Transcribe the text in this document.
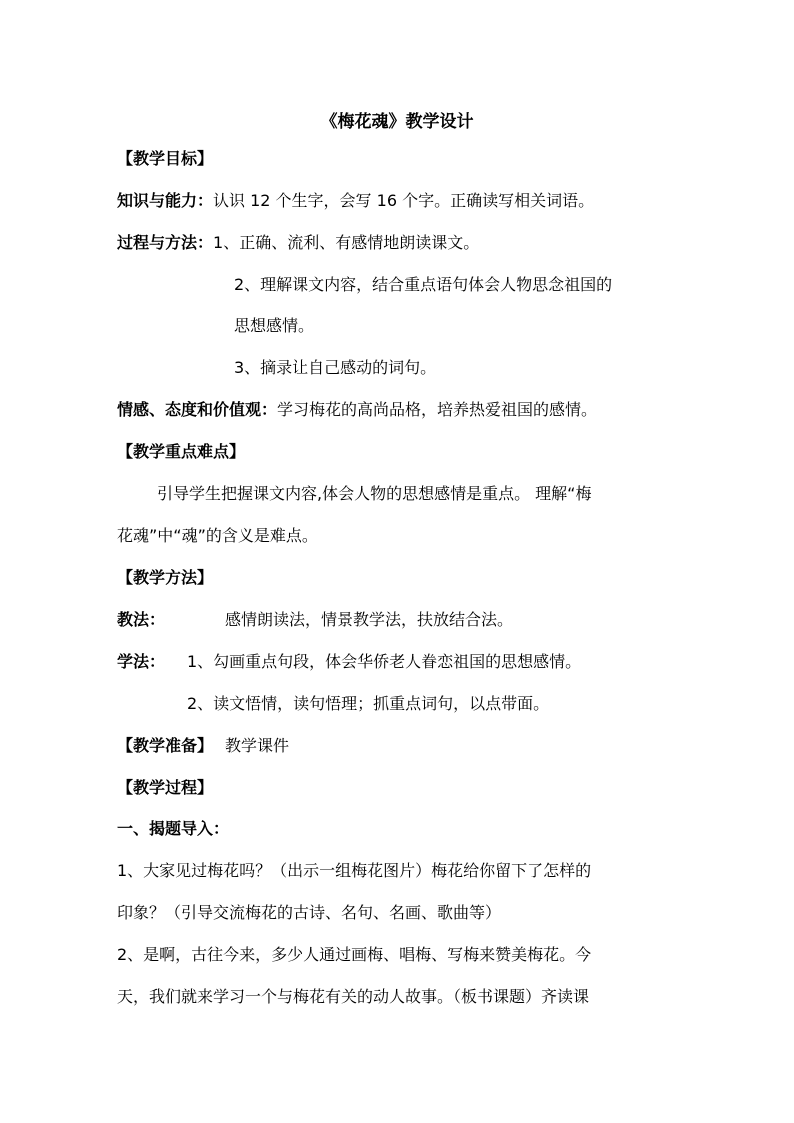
《梅花魂》教学设计
【教学目标】
知识与能力：认识 12 个生字，会写 16 个字。正确读写相关词语。
过程与方法：1、正确、流利、有感情地朗读课文。
2、理解课文内容，结合重点语句体会人物思念祖国的
思想感情。
3、摘录让自己感动的词句。
情感、态度和价值观：学习梅花的高尚品格，培养热爱祖国的感情。
【教学重点难点】
引导学生把握课文内容,体会人物的思想感情是重点。 理解“梅
花魂”中“魂”的含义是难点。
【教学方法】
教法：	感情朗读法，情景教学法，扶放结合法。
学法： 1、勾画重点句段，体会华侨老人眷恋祖国的思想感情。
2、读文悟情，读句悟理；抓重点词句，以点带面。
【教学准备】 教学课件
【教学过程】
一、揭题导入：
1、大家见过梅花吗？（出示一组梅花图片）梅花给你留下了怎样的
印象？（引导交流梅花的古诗、名句、名画、歌曲等）
2、是啊，古往今来，多少人通过画梅、唱梅、写梅来赞美梅花。今
天，我们就来学习一个与梅花有关的动人故事。（板书课题）齐读课
